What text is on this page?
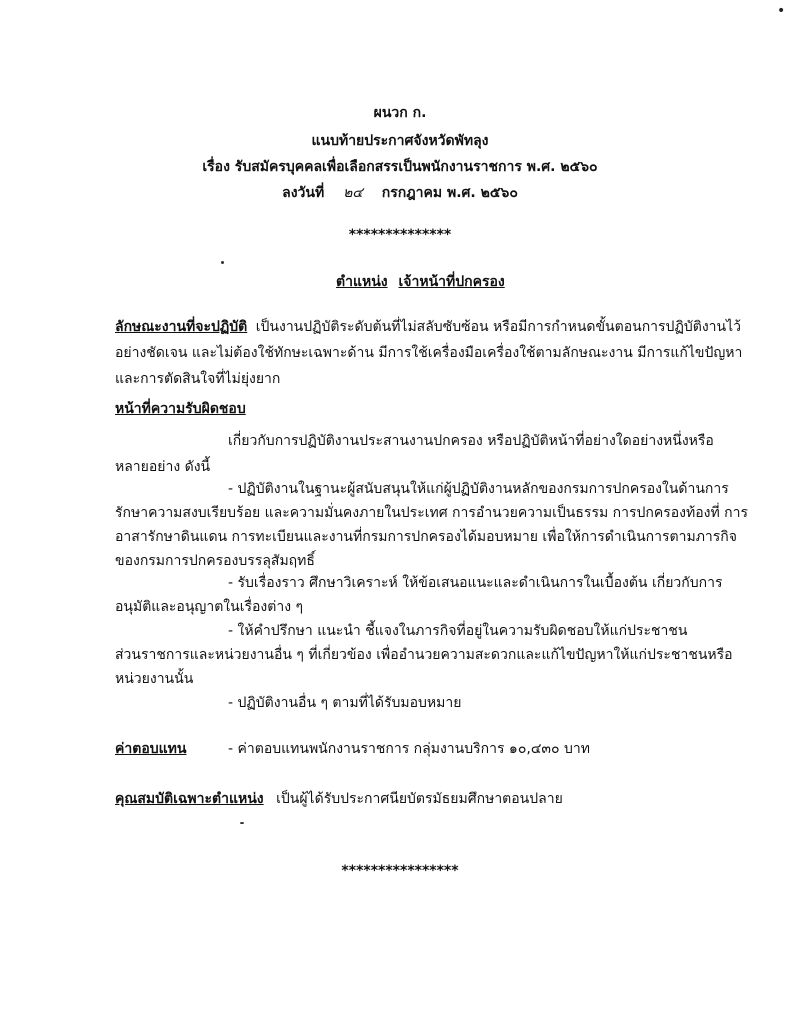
•
ผนวก ก.
แนบท้ายประกาศจังหวัดพัทลุง
เรื่อง รับสมัครบุคคลเพื่อเลือกสรรเป็นพนักงานราชการ พ.ศ. ๒๕๖๐
ลงวันที่ ๒๔ กรกฎาคม พ.ศ. ๒๕๖๐
**************
ตำแหน่ง เจ้าหน้าที่ปกครอง
ลักษณะงานที่จะปฏิบัติ เป็นงานปฏิบัติระดับต้นที่ไม่สลับซับซ้อน หรือมีการกำหนดขั้นตอนการปฏิบัติงานไว้
อย่างชัดเจน และไม่ต้องใช้ทักษะเฉพาะด้าน มีการใช้เครื่องมือเครื่องใช้ตามลักษณะงาน มีการแก้ไขปัญหา
และการตัดสินใจที่ไม่ยุ่งยาก
หน้าที่ความรับผิดชอบ
เกี่ยวกับการปฏิบัติงานประสานงานปกครอง หรือปฏิบัติหน้าที่อย่างใดอย่างหนึ่งหรือ
หลายอย่าง ดังนี้
- ปฏิบัติงานในฐานะผู้สนับสนุนให้แก่ผู้ปฏิบัติงานหลักของกรมการปกครองในด้านการ
รักษาความสงบเรียบร้อย และความมั่นคงภายในประเทศ การอำนวยความเป็นธรรม การปกครองท้องที่ การ
อาสารักษาดินแดน การทะเบียนและงานที่กรมการปกครองได้มอบหมาย เพื่อให้การดำเนินการตามภารกิจ
ของกรมการปกครองบรรลุสัมฤทธิ์
- รับเรื่องราว ศึกษาวิเคราะห์ ให้ข้อเสนอแนะและดำเนินการในเบื้องต้น เกี่ยวกับการ
อนุมัติและอนุญาตในเรื่องต่าง ๆ
- ให้คำปรึกษา แนะนำ ชี้แจงในภารกิจที่อยู่ในความรับผิดชอบให้แก่ประชาชน
ส่วนราชการและหน่วยงานอื่น ๆ ที่เกี่ยวข้อง เพื่ออำนวยความสะดวกและแก้ไขปัญหาให้แก่ประชาชนหรือ
หน่วยงานนั้น
- ปฏิบัติงานอื่น ๆ ตามที่ได้รับมอบหมาย
ค่าตอบแทน	- ค่าตอบแทนพนักงานราชการ กลุ่มงานบริการ ๑๐,๔๓๐ บาท
คุณสมบัติเฉพาะตำแหน่ง เป็นผู้ได้รับประกาศนียบัตรมัธยมศึกษาตอนปลาย
****************
